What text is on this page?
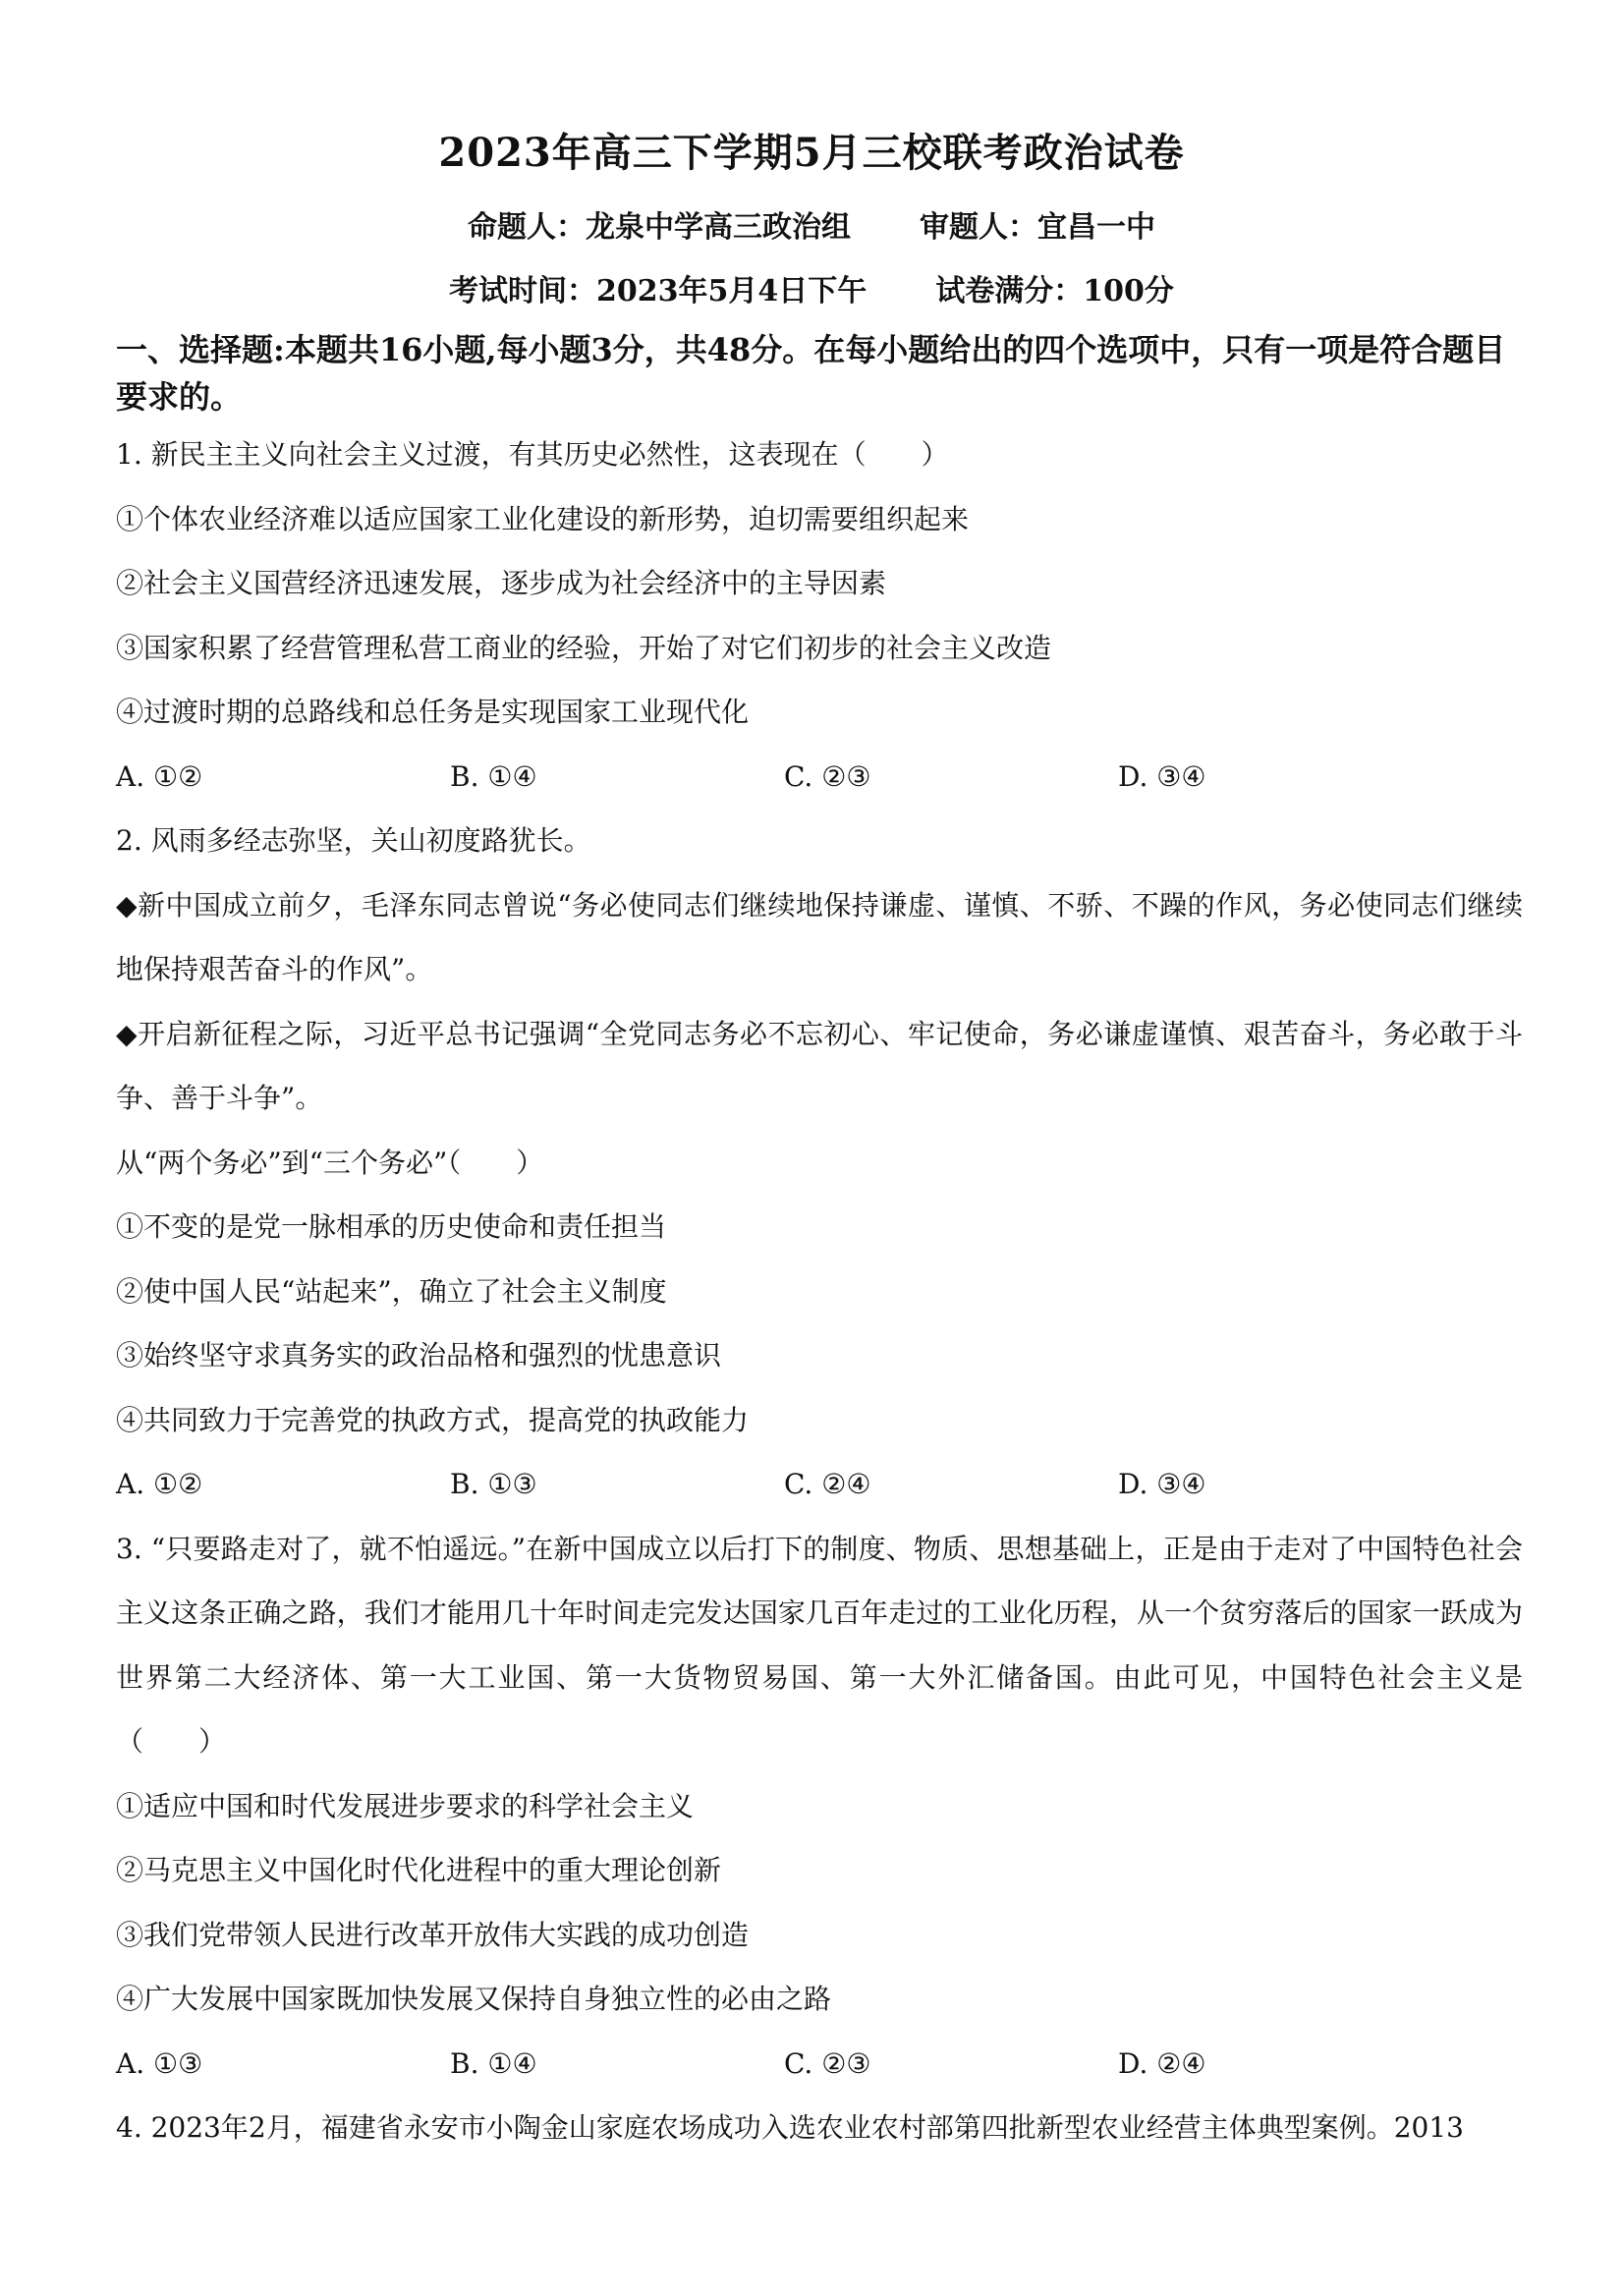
2023年高三下学期5月三校联考政治试卷
命题人：龙泉中学高三政治组 审题人：宜昌一中
考试时间：2023年5月4日下午 试卷满分：100分
一、选择题:本题共16小题,每小题3分，共48分。在每小题给出的四个选项中，只有一项是符合题目要求的。
1. 新民主主义向社会主义过渡，有其历史必然性，这表现在（　　）
①个体农业经济难以适应国家工业化建设的新形势，迫切需要组织起来
②社会主义国营经济迅速发展，逐步成为社会经济中的主导因素
③国家积累了经营管理私营工商业的经验，开始了对它们初步的社会主义改造
④过渡时期的总路线和总任务是实现国家工业现代化
A. ①②	B. ①④	C. ②③	D. ③④
2. 风雨多经志弥坚，关山初度路犹长。
◆新中国成立前夕，毛泽东同志曾说“务必使同志们继续地保持谦虚、谨慎、不骄、不躁的作风，务必使同志们继续地保持艰苦奋斗的作风”。
◆开启新征程之际，习近平总书记强调“全党同志务必不忘初心、牢记使命，务必谦虚谨慎、艰苦奋斗，务必敢于斗争、善于斗争”。
从“两个务必”到“三个务必”（　　）
①不变的是党一脉相承的历史使命和责任担当
②使中国人民“站起来”，确立了社会主义制度
③始终坚守求真务实的政治品格和强烈的忧患意识
④共同致力于完善党的执政方式，提高党的执政能力
A. ①②	B. ①③	C. ②④	D. ③④
3. “只要路走对了，就不怕遥远。”在新中国成立以后打下的制度、物质、思想基础上，正是由于走对了中国特色社会主义这条正确之路，我们才能用几十年时间走完发达国家几百年走过的工业化历程，从一个贫穷落后的国家一跃成为世界第二大经济体、第一大工业国、第一大货物贸易国、第一大外汇储备国。由此可见，中国特色社会主义是（　　）
①适应中国和时代发展进步要求的科学社会主义
②马克思主义中国化时代化进程中的重大理论创新
③我们党带领人民进行改革开放伟大实践的成功创造
④广大发展中国家既加快发展又保持自身独立性的必由之路
A. ①③	B. ①④	C. ②③	D. ②④
4. 2023年2月，福建省永安市小陶金山家庭农场成功入选农业农村部第四批新型农业经营主体典型案例。2013
